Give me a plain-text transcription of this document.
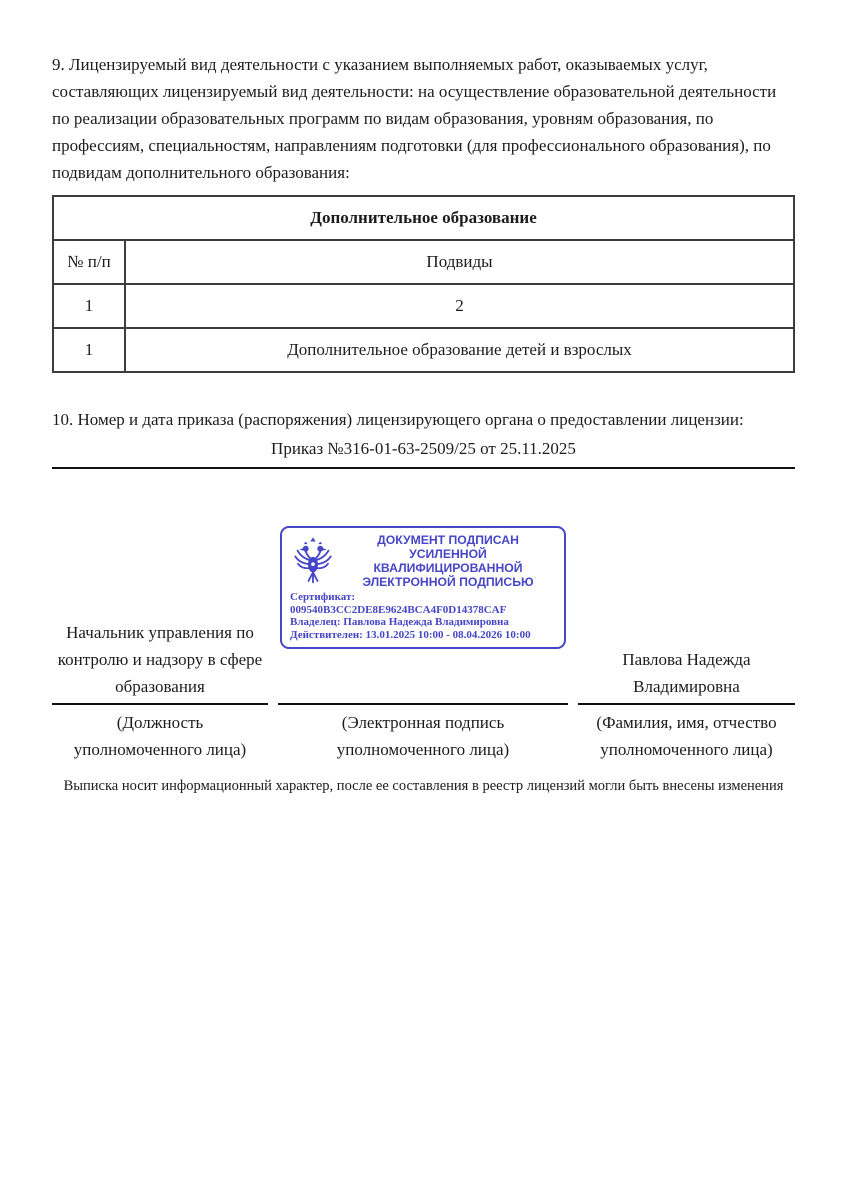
9. Лицензируемый вид деятельности с указанием выполняемых работ, оказываемых услуг, составляющих лицензируемый вид деятельности: на осуществление образовательной деятельности по реализации образовательных программ по видам образования, уровням образования, по профессиям, специальностям, направлениям подготовки (для профессионального образования), по подвидам дополнительного образования:

Дополнительное образование	
№ п/п	Подвиды
1	2
1	Дополнительное образование детей и взрослых

10. Номер и дата приказа (распоряжения) лицензирующего органа о предоставлении лицензии:

Приказ №316-01-63-2509/25 от 25.11.2025
Начальник управления по контролю и надзору в сфере образования
(Должность уполномоченного лица)
ДОКУМЕНТ ПОДПИСАН
УСИЛЕННОЙ КВАЛИФИЦИРОВАННОЙ
ЭЛЕКТРОННОЙ ПОДПИСЬЮ
Сертификат: 009540B3CC2DE8E9624BCA4F0D14378CAF
Владелец: Павлова Надежда Владимировна
Действителен: 13.01.2025 10:00 - 08.04.2026 10:00
(Электронная подпись уполномоченного лица)
Павлова Надежда Владимировна
(Фамилия, имя, отчество уполномоченного лица)
Выписка носит информационный характер, после ее составления в реестр лицензий могли быть внесены изменения
